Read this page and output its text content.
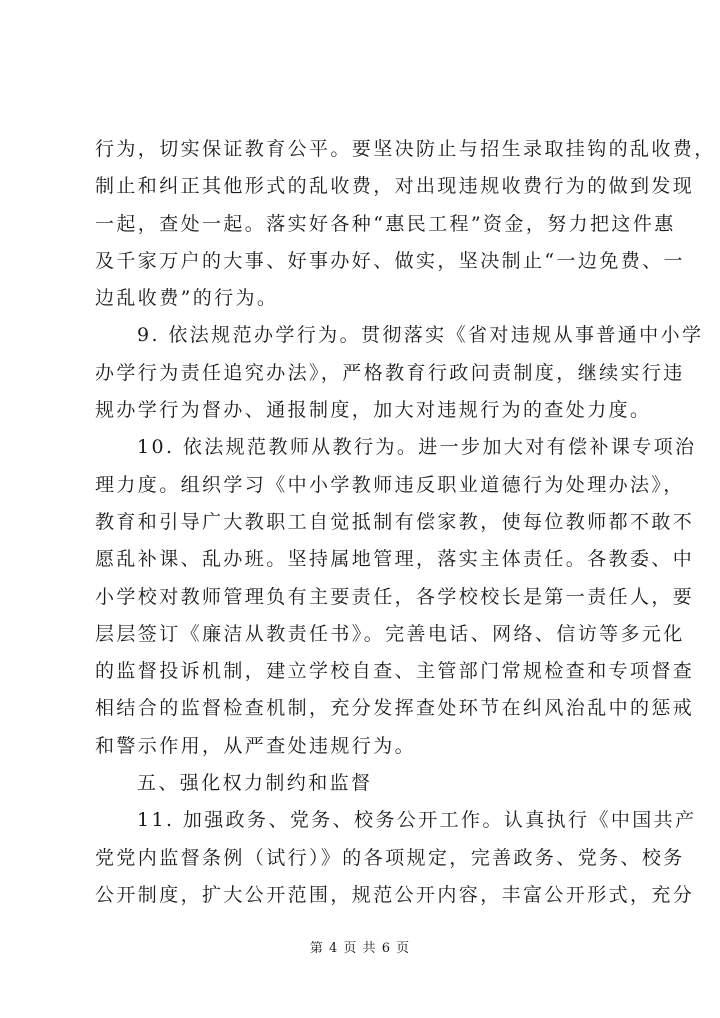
行为，切实保证教育公平。要坚决防止与招生录取挂钩的乱收费，
制止和纠正其他形式的乱收费，对出现违规收费行为的做到发现
一起，查处一起。落实好各种“惠民工程”资金，努力把这件惠
及千家万户的大事、好事办好、做实，坚决制止“一边免费、一
边乱收费”的行为。
9. 依法规范办学行为。贯彻落实《省对违规从事普通中小学
办学行为责任追究办法》，严格教育行政问责制度，继续实行违
规办学行为督办、通报制度，加大对违规行为的查处力度。
10. 依法规范教师从教行为。进一步加大对有偿补课专项治
理力度。组织学习《中小学教师违反职业道德行为处理办法》，
教育和引导广大教职工自觉抵制有偿家教，使每位教师都不敢不
愿乱补课、乱办班。坚持属地管理，落实主体责任。各教委、中
小学校对教师管理负有主要责任，各学校校长是第一责任人，要
层层签订《廉洁从教责任书》。完善电话、网络、信访等多元化
的监督投诉机制，建立学校自查、主管部门常规检查和专项督查
相结合的监督检查机制，充分发挥查处环节在纠风治乱中的惩戒
和警示作用，从严查处违规行为。
五、强化权力制约和监督
11. 加强政务、党务、校务公开工作。认真执行《中国共产
党党内监督条例（试行）》的各项规定，完善政务、党务、校务
公开制度，扩大公开范围，规范公开内容，丰富公开形式，充分
第 4 页 共 6 页
